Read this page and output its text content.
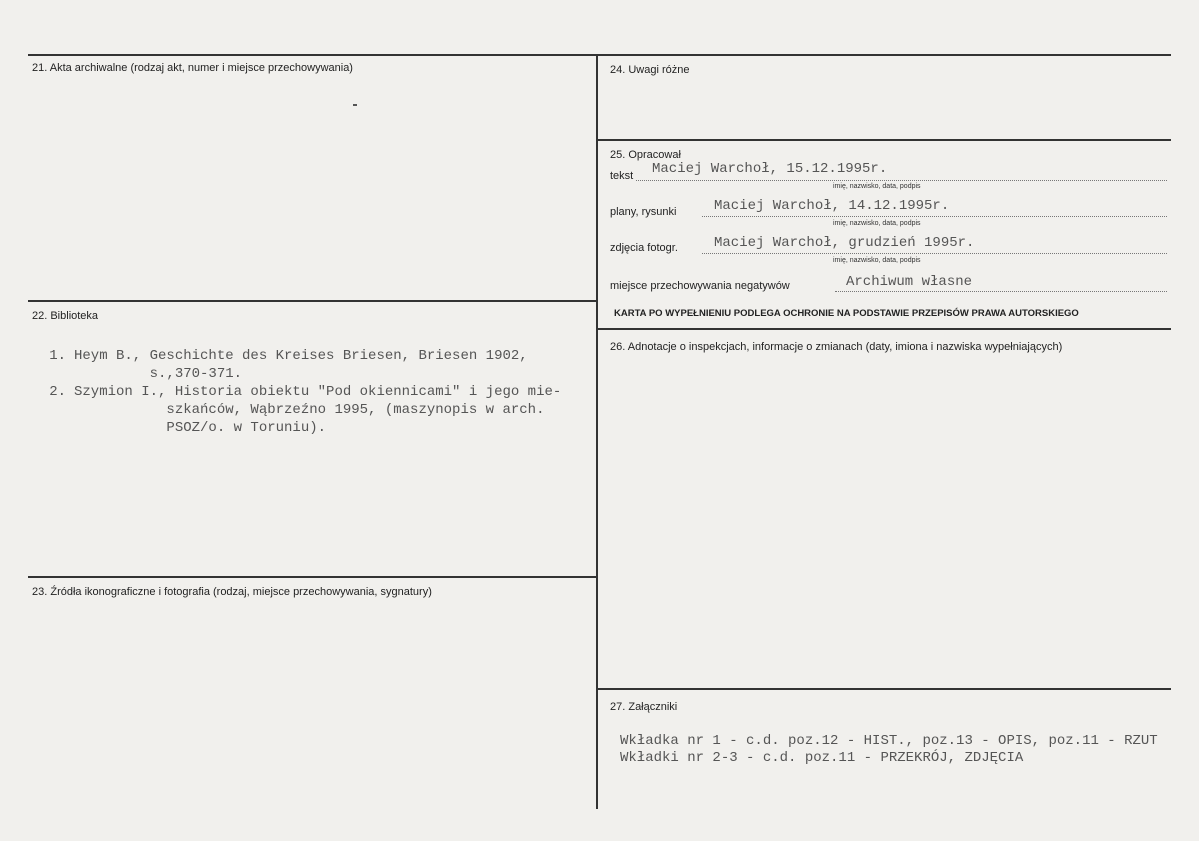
21. Akta archiwalne (rodzaj akt, numer i miejsce przechowywania)
22. Biblioteka
1. Heym B., Geschichte des Kreises Briesen, Briesen 1902,
s.,370-371.
2. Szymion I., Historia obiektu "Pod okiennicami" i jego mie-
szkańców, Wąbrzeźno 1995, (maszynopis w arch.
PSOZ/o. w Toruniu).
23. Źródła ikonograficzne i fotografia (rodzaj, miejsce przechowywania, sygnatury)
24. Uwagi różne
25. Opracował
tekst Maciej Warchoł, 15.12.1995r.
imię, nazwisko, data, podpis
plany, rysunki	Maciej Warchoł, 14.12.1995r.
imię, nazwisko, data, podpis
zdjęcia fotogr.	Maciej Warchoł, grudzień 1995r.
imię, nazwisko, data, podpis
miejsce przechowywania negatywów	Archiwum własne
KARTA PO WYPEŁNIENIU PODLEGA OCHRONIE NA PODSTAWIE PRZEPISÓW PRAWA AUTORSKIEGO
26. Adnotacje o inspekcjach, informacje o zmianach (daty, imiona i nazwiska wypełniających)
27. Załączniki
Wkładka nr 1 - c.d. poz.12 - HIST., poz.13 - OPIS, poz.11 - RZUT
Wkładki nr 2-3 - c.d. poz.11 - PRZEKRÓJ, ZDJĘCIA
